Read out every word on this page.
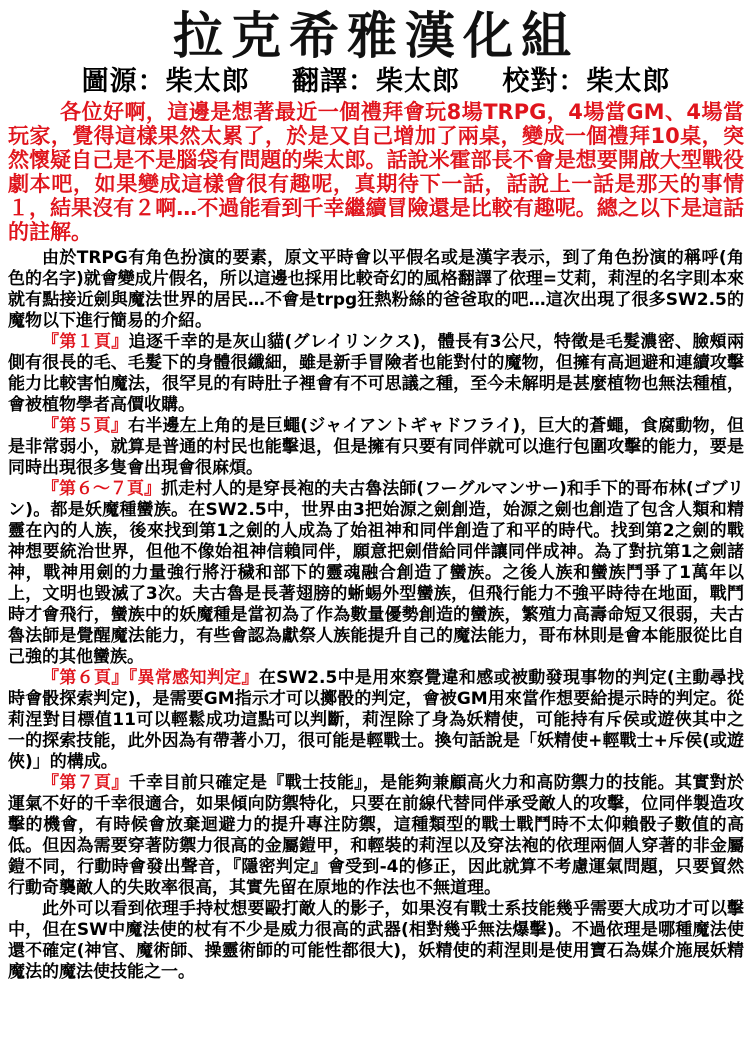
拉克希雅漢化組
圖源：柴太郎 翻譯：柴太郎 校對：柴太郎

各位好啊，這邊是想著最近一個禮拜會玩8場TRPG，4場當GM、4場當玩家，覺得這樣果然太累了，於是又自己增加了兩桌，變成一個禮拜10桌，突然懷疑自己是不是腦袋有問題的柴太郎。話說米霍部長不會是想要開啟大型戰役劇本吧，如果變成這樣會很有趣呢，真期待下一話，話說上一話是那天的事情１，結果沒有２啊…不過能看到千幸繼續冒險還是比較有趣呢。總之以下是這話的註解。

由於TRPG有角色扮演的要素，原文平時會以平假名或是漢字表示，到了角色扮演的稱呼(角色的名字)就會變成片假名，所以這邊也採用比較奇幻的風格翻譯了依理=艾莉，莉涅的名字則本來就有點接近劍與魔法世界的居民…不會是trpg狂熱粉絲的爸爸取的吧…這次出現了很多SW2.5的魔物以下進行簡易的介紹。

『第１頁』追逐千幸的是灰山貓(グレイリンクス)，體長有3公尺，特徵是毛髮濃密、臉頰兩側有很長的毛、毛髮下的身體很纖細，雖是新手冒險者也能對付的魔物，但擁有高迴避和連續攻擊能力比較害怕魔法，很罕見的有時肚子裡會有不可思議之種，至今未解明是甚麼植物也無法種植，會被植物學者高價收購。

『第５頁』右半邊左上角的是巨蠅(ジャイアントギャドフライ)，巨大的蒼蠅，食腐動物，但是非常弱小，就算是普通的村民也能擊退，但是擁有只要有同伴就可以進行包圍攻擊的能力，要是同時出現很多隻會出現會很麻煩。

『第６～７頁』抓走村人的是穿長袍的夫古魯法師(フーグルマンサー)和手下的哥布林(ゴブリン)。都是妖魔種蠻族。在SW2.5中，世界由3把始源之劍創造，始源之劍也創造了包含人類和精靈在內的人族，後來找到第1之劍的人成為了始祖神和同伴創造了和平的時代。找到第2之劍的戰神想要統治世界，但他不像始祖神信賴同伴，願意把劍借給同伴讓同伴成神。為了對抗第1之劍諸神，戰神用劍的力量強行將汙穢和部下的靈魂融合創造了蠻族。之後人族和蠻族鬥爭了1萬年以上，文明也毀滅了3次。夫古魯是長著翅膀的蜥蜴外型蠻族，但飛行能力不強平時待在地面，戰鬥時才會飛行，蠻族中的妖魔種是當初為了作為數量優勢創造的蠻族，繁殖力高壽命短又很弱，夫古魯法師是覺醒魔法能力，有些會認為獻祭人族能提升自己的魔法能力，哥布林則是會本能服從比自己強的其他蠻族。

『第６頁』『異常感知判定』在SW2.5中是用來察覺違和感或被動發現事物的判定(主動尋找時會骰探索判定)，是需要GM指示才可以擲骰的判定，會被GM用來當作想要給提示時的判定。從莉涅對目標值11可以輕鬆成功這點可以判斷，莉涅除了身為妖精使，可能持有斥侯或遊俠其中之一的探索技能，此外因為有帶著小刀，很可能是輕戰士。換句話說是「妖精使+輕戰士+斥侯(或遊俠)」的構成。

『第７頁』千幸目前只確定是『戰士技能』，是能夠兼顧高火力和高防禦力的技能。其實對於運氣不好的千幸很適合，如果傾向防禦特化，只要在前線代替同伴承受敵人的攻擊，位同伴製造攻擊的機會，有時候會放棄迴避力的提升專注防禦，這種類型的戰士戰鬥時不太仰賴骰子數值的高低。但因為需要穿著防禦力很高的金屬鎧甲，和輕裝的莉涅以及穿法袍的依理兩個人穿著的非金屬鎧不同，行動時會發出聲音，『隱密判定』會受到-4的修正，因此就算不考慮運氣問題，只要貿然行動奇襲敵人的失敗率很高，其實先留在原地的作法也不無道理。

此外可以看到依理手持杖想要毆打敵人的影子，如果沒有戰士系技能幾乎需要大成功才可以擊中，但在SW中魔法使的杖有不少是威力很高的武器(相對幾乎無法爆擊)。不過依理是哪種魔法使還不確定(神官、魔術師、操靈術師的可能性都很大)，妖精使的莉涅則是使用寶石為媒介施展妖精魔法的魔法使技能之一。
